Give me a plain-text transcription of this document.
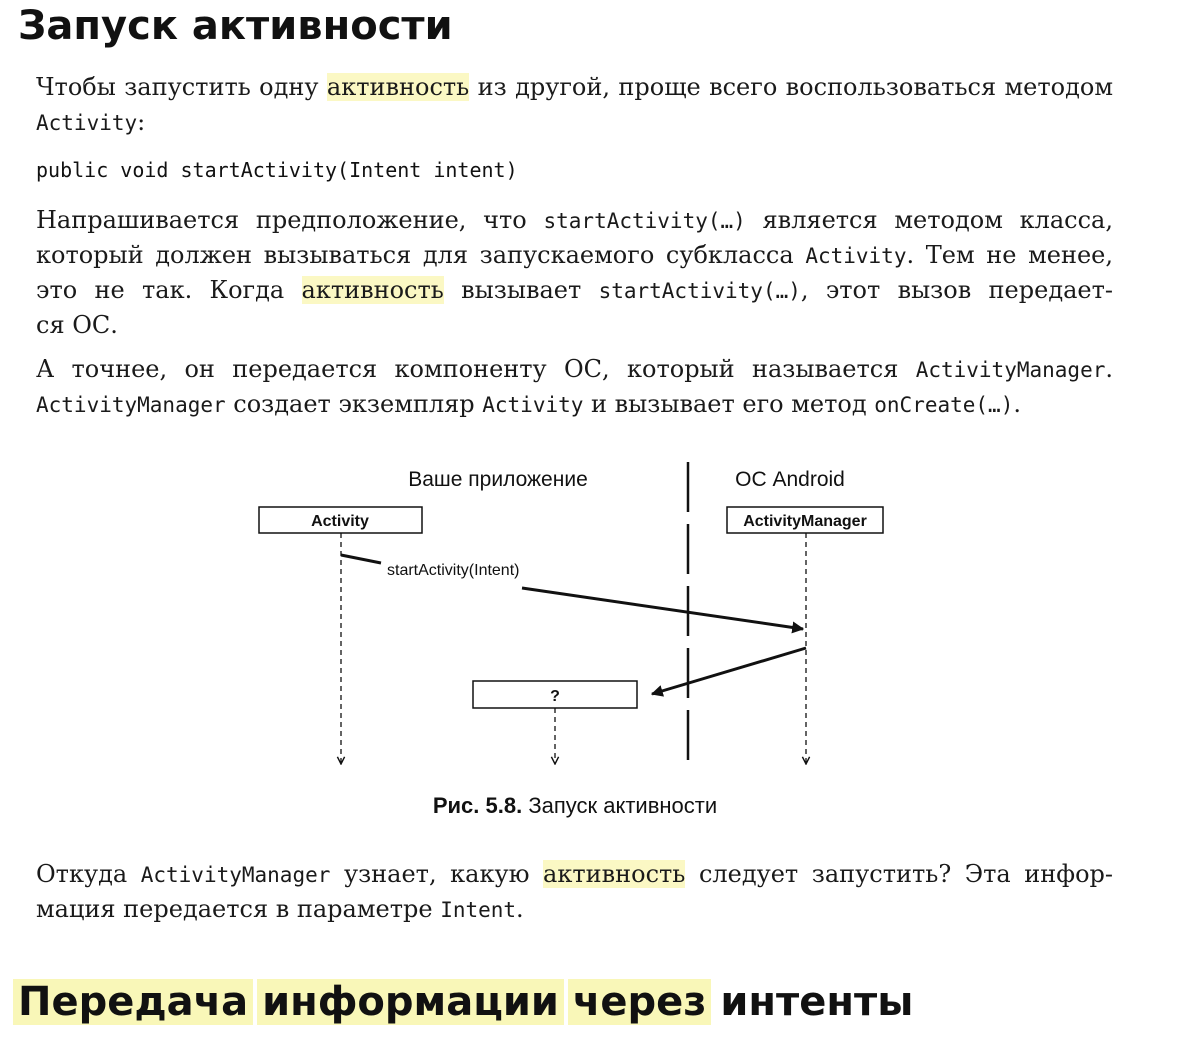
Запуск активности

Чтобы запустить одну активность из другой, проще всего воспользоваться методом
Activity:

public void startActivity(Intent intent)

Напрашивается предположение, что startActivity(…) является методом класса,
который должен вызываться для запускаемого субкласса Activity. Тем не менее,
это не так. Когда активность вызывает startActivity(…), этот вызов передает-
ся ОС.

А точнее, он передается компоненту ОС, который называется ActivityManager.
ActivityManager создает экземпляр Activity и вызывает его метод onCreate(…).

Ваше приложение	ОС Android
Activity	ActivityManager
startActivity(Intent)
?
Рис. 5.8. Запуск активности

Откуда ActivityManager узнает, какую активность следует запустить? Эта инфор-
мация передается в параметре Intent.

Передача информации через интенты
